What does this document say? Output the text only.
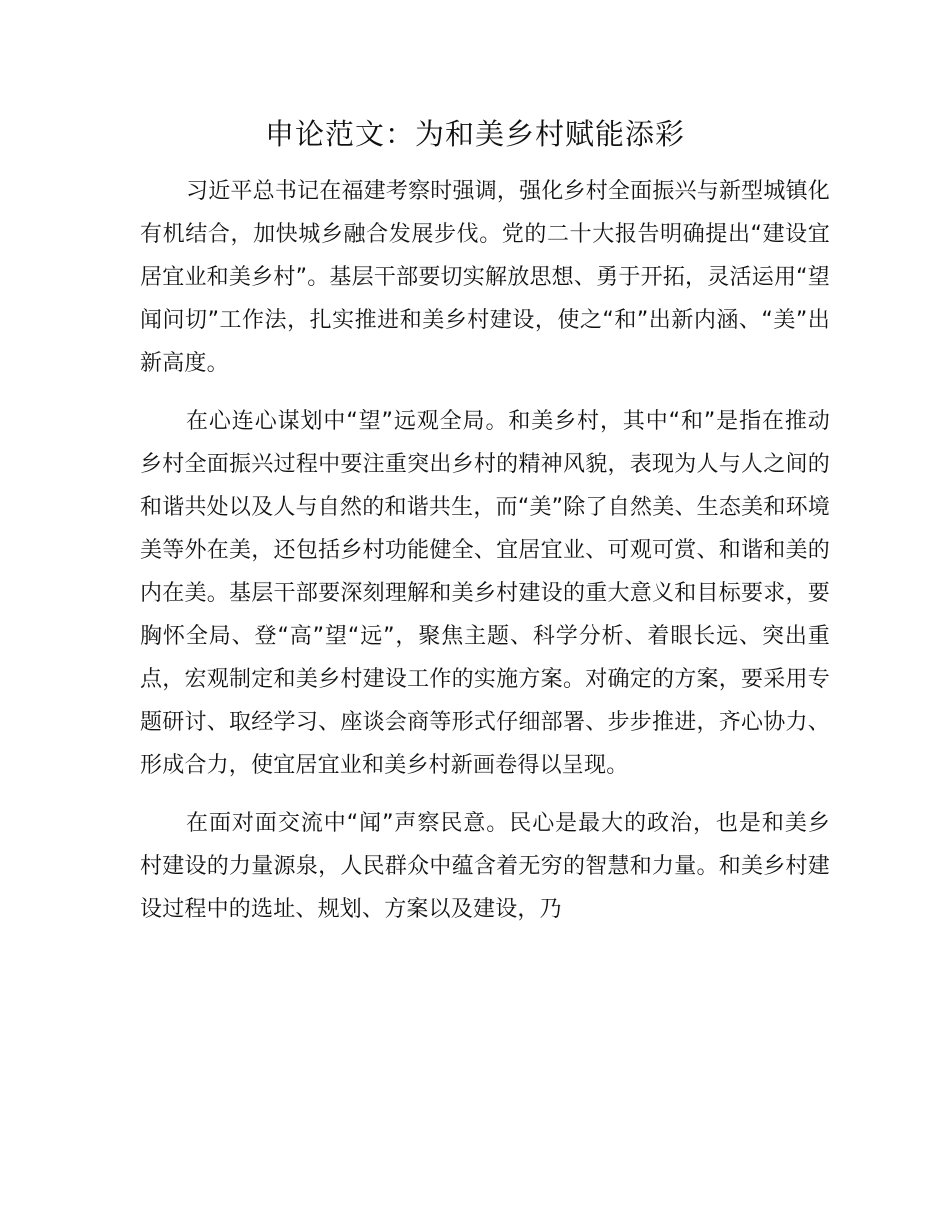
申论范文：为和美乡村赋能添彩

习近平总书记在福建考察时强调，强化乡村全面振兴与新型城镇化有机结合，加快城乡融合发展步伐。党的二十大报告明确提出“建设宜居宜业和美乡村”。基层干部要切实解放思想、勇于开拓，灵活运用“望闻问切”工作法，扎实推进和美乡村建设，使之“和”出新内涵、“美”出新高度。

在心连心谋划中“望”远观全局。和美乡村，其中“和”是指在推动乡村全面振兴过程中要注重突出乡村的精神风貌，表现为人与人之间的和谐共处以及人与自然的和谐共生，而“美”除了自然美、生态美和环境美等外在美，还包括乡村功能健全、宜居宜业、可观可赏、和谐和美的内在美。基层干部要深刻理解和美乡村建设的重大意义和目标要求，要胸怀全局、登“高”望“远”，聚焦主题、科学分析、着眼长远、突出重点，宏观制定和美乡村建设工作的实施方案。对确定的方案，要采用专题研讨、取经学习、座谈会商等形式仔细部署、步步推进，齐心协力、形成合力，使宜居宜业和美乡村新画卷得以呈现。

在面对面交流中“闻”声察民意。民心是最大的政治，也是和美乡村建设的力量源泉，人民群众中蕴含着无穷的智慧和力量。和美乡村建设过程中的选址、规划、方案以及建设，乃
